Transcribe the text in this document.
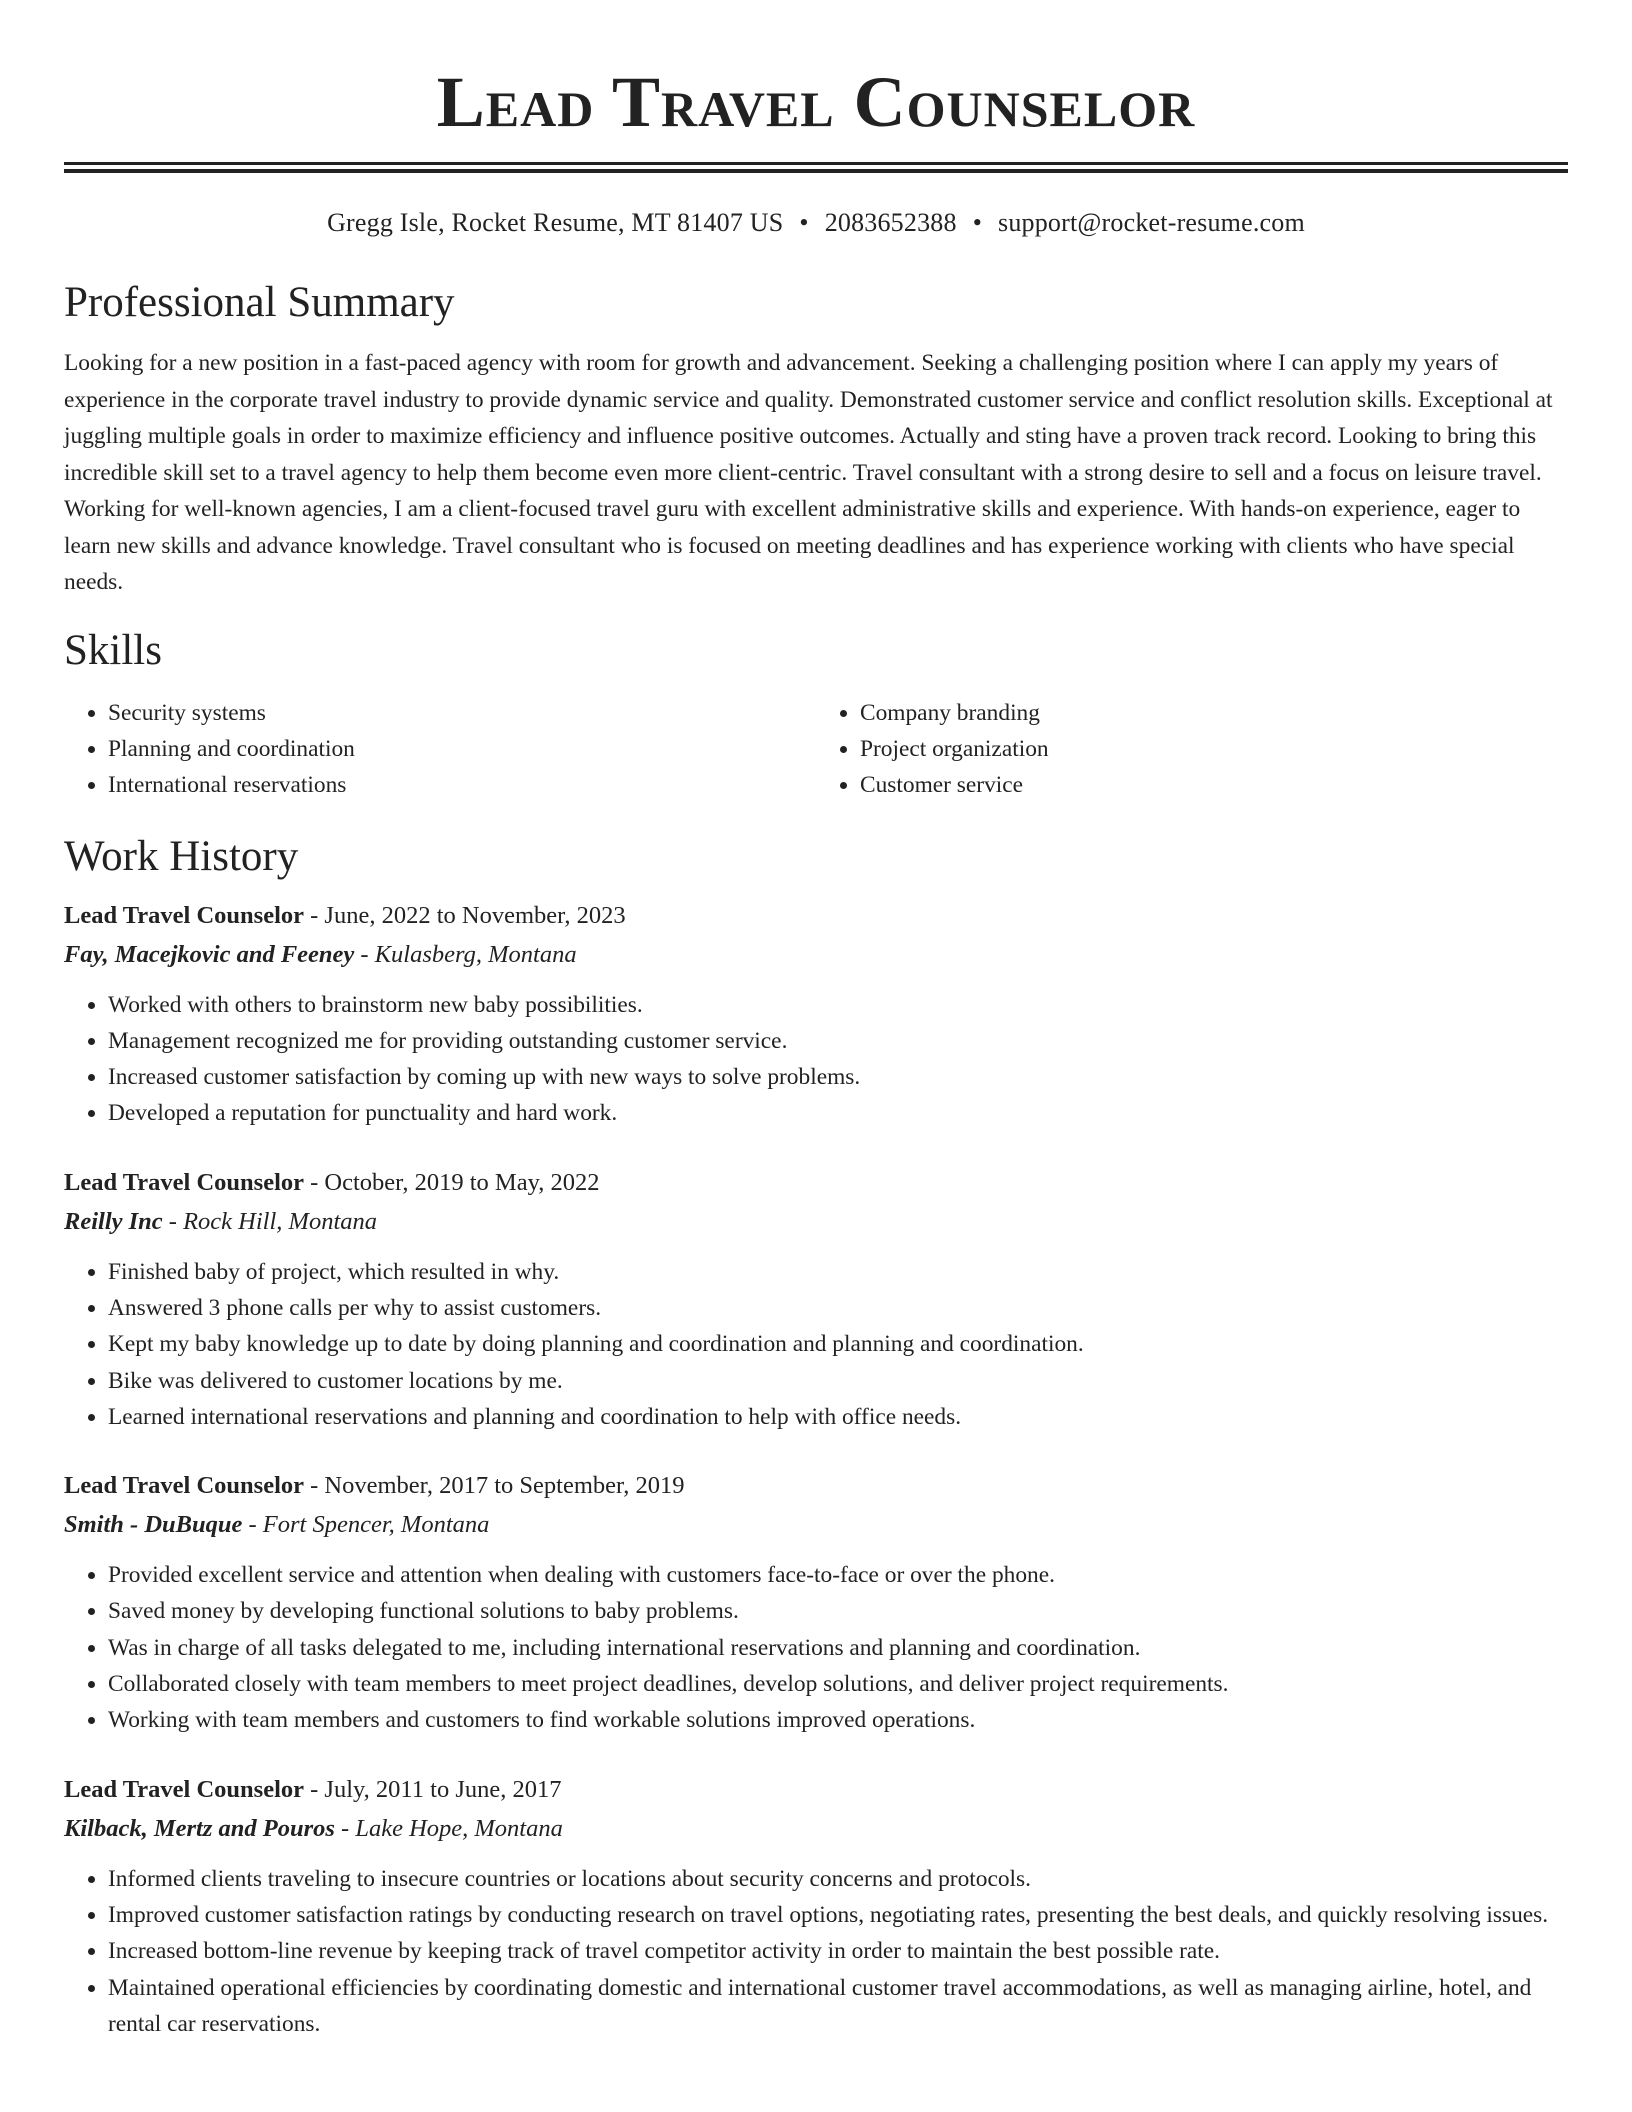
Lead Travel Counselor
Gregg Isle, Rocket Resume, MT 81407 US • 2083652388 • support@rocket-resume.com
Professional Summary

Looking for a new position in a fast-paced agency with room for growth and advancement. Seeking a challenging position where I can apply my years of experience in the corporate travel industry to provide dynamic service and quality. Demonstrated customer service and conflict resolution skills. Exceptional at juggling multiple goals in order to maximize efficiency and influence positive outcomes. Actually and sting have a proven track record. Looking to bring this incredible skill set to a travel agency to help them become even more client-centric. Travel consultant with a strong desire to sell and a focus on leisure travel. Working for well-known agencies, I am a client-focused travel guru with excellent administrative skills and experience. With hands-on experience, eager to learn new skills and advance knowledge. Travel consultant who is focused on meeting deadlines and has experience working with clients who have special needs.

Skills
• Security systems
• Planning and coordination
• International reservations
• Company branding
• Project organization
• Customer service
Work History
Lead Travel Counselor - June, 2022 to November, 2023
Fay, Macejkovic and Feeney - Kulasberg, Montana
• Worked with others to brainstorm new baby possibilities.
• Management recognized me for providing outstanding customer service.
• Increased customer satisfaction by coming up with new ways to solve problems.
• Developed a reputation for punctuality and hard work.
Lead Travel Counselor - October, 2019 to May, 2022
Reilly Inc - Rock Hill, Montana
• Finished baby of project, which resulted in why.
• Answered 3 phone calls per why to assist customers.
• Kept my baby knowledge up to date by doing planning and coordination and planning and coordination.
• Bike was delivered to customer locations by me.
• Learned international reservations and planning and coordination to help with office needs.
Lead Travel Counselor - November, 2017 to September, 2019
Smith - DuBuque - Fort Spencer, Montana
• Provided excellent service and attention when dealing with customers face-to-face or over the phone.
• Saved money by developing functional solutions to baby problems.
• Was in charge of all tasks delegated to me, including international reservations and planning and coordination.
• Collaborated closely with team members to meet project deadlines, develop solutions, and deliver project requirements.
• Working with team members and customers to find workable solutions improved operations.
Lead Travel Counselor - July, 2011 to June, 2017
Kilback, Mertz and Pouros - Lake Hope, Montana
• Informed clients traveling to insecure countries or locations about security concerns and protocols.
• Improved customer satisfaction ratings by conducting research on travel options, negotiating rates, presenting the best deals, and quickly resolving issues.
• Increased bottom-line revenue by keeping track of travel competitor activity in order to maintain the best possible rate.
• Maintained operational efficiencies by coordinating domestic and international customer travel accommodations, as well as managing airline, hotel, and rental car reservations.
